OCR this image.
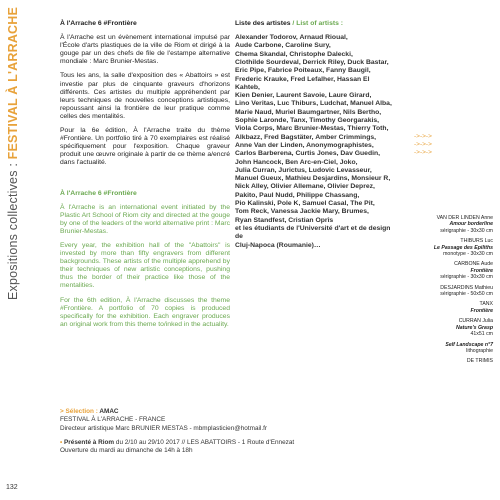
Expositions collectives : FESTIVAL À L'ARRACHE
132
À l'Arrache 6 #Frontière

À l'Arrache est un évènement international impulsé par l'École d'arts plastiques de la ville de Riom et dirigé à la gouge par un des chefs de file de l'estampe alternative mondiale : Marc Brunier-Mestas.

Tous les ans, la salle d'exposition des « Abattoirs » est investie par plus de cinquante graveurs d'horizons différents. Ces artistes du multiple appréhendent par leurs techniques de nouvelles conceptions artistiques, repoussant ainsi la frontière de leur pratique comme celles des mentalités.

Pour la 6e édition, À l'Arrache traite du thème #Frontière. Un portfolio tiré à 70 exemplaires est réalisé spécifiquement pour l'exposition. Chaque graveur produit une œuvre originale à partir de ce thème a/encré dans l'actualité.

À l'Arrache 6 #Frontière

À l'Arrache is an international event initiated by the Plastic Art School of Riom city and directed at the gouge by one of the leaders of the world alternative print : Marc Brunier-Mestas.

Every year, the exhibition hall of the "Abattoirs" is invested by more than fifty engravers from different backgrounds. These artists of the multiple apprehend by their techniques of new artistic conceptions, pushing thus the border of their practice like those of the mentalities.

For the 6th edition, À l'Arrache discusses the theme #Frontière. A portfolio of 70 copies is produced specifically for the exhibition. Each engraver produces an original work from this theme to/inked in the actuality.

Liste des artistes / List of artists :
Alexander Todorov, Arnaud Rioual,
Aude Carbone, Caroline Sury,
Chema Skandal, Christophe Dalecki,
Clothilde Sourdeval, Derrick Riley, Duck Bastar,
Eric Pipe, Fabrice Poiteaux, Fanny Baugil,
Frederic Krauke, Fred Lefalher, Hassan El Kahteb,
Kien Denier, Laurent Savoie, Laure Girard,
Lino Veritas, Luc Thiburs, Ludchat, Manuel Alba,
Marie Naud, Muriel Baumgartner, Nils Bertho,
Sophie Laronde, Tanx, Timothy Georgarakis,
Viola Corps, Marc Brunier-Mestas, Thierry Toth,
Alkbazz, Fred Bagstäter, Amber Crimmings,
Anne Van der Linden, Anonymographistes,
Carlos Barberena, Curtis Jones, Dav Guedin,
John Hancock, Ben Arc-en-Ciel, Joko,
Julia Curran, Jurictus, Ludovic Levasseur,
Manuel Gueux, Mathieu Desjardins, Monsieur R,
Nick Alley, Olivier Allemane, Olivier Deprez,
Pakito, Paul Nudd, Philippe Chassang,
Pio Kalinski, Pole K, Samuel Casal, The Pit,
Tom Reck, Vanessa Jackie Mary, Brumes,
Ryan Standfest, Cristian Oprîs
et les étudiants de l'Université d'art et de design de
Cluj-Napoca (Roumanie)…
->->->
->->->
->->->
VAN DER LINDEN Anne
Amour borderline
sérigraphie - 30x30 cm
THIBURS Luc
Le Passage des Epiliths
monotype - 30x30 cm
CARBONE Aude
Frontière
sérigraphie - 30x30 cm
DESJARDINS Mathieu
sérigraphie - 50x50 cm
TANX
Frontière
CURRAN Julia
Nature's Grasp
41x51 cm
Self Landscape n°7
lithographie
DE TRIMIS
> Sélection : AMAC
FESTIVAL À L'ARRACHE - FRANCE
Directeur artistique Marc BRUNIER MESTAS - mbmplasticien@hotmail.fr
• Présenté à Riom du 2/10 au 29/10 2017 // LES ABATTOIRS - 1 Route d'Ennezat
Ouverture du mardi au dimanche de 14h à 18h
